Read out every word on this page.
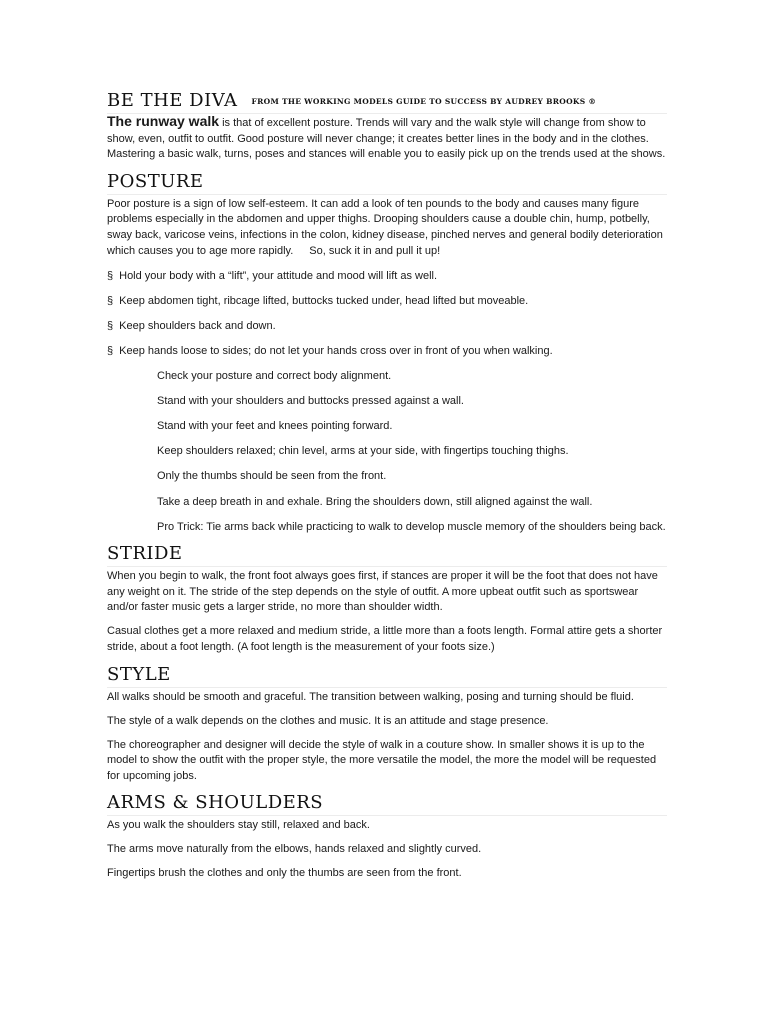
BE THE DIVA $^{FROM THE WORKING MODELS GUIDE TO SUCCESS BY AUDREY BROOKS ®}$

The runway walk is that of excellent posture. Trends will vary and the walk style will change from show to show, even, outfit to outfit. Good posture will never change; it creates better lines in the body and in the clothes. Mastering a basic walk, turns, poses and stances will enable you to easily pick up on the trends used at the shows.

POSTURE

Poor posture is a sign of low self-esteem. It can add a look of ten pounds to the body and causes many figure problems especially in the abdomen and upper thighs. Drooping shoulders cause a double chin, hump, potbelly, sway back, varicose veins, infections in the colon, kidney disease, pinched nerves and general bodily deterioration which causes you to age more rapidly. So, suck it in and pull it up!

§ Hold your body with a “lift”, your attitude and mood will lift as well.

§ Keep abdomen tight, ribcage lifted, buttocks tucked under, head lifted but moveable.

§ Keep shoulders back and down.

§ Keep hands loose to sides; do not let your hands cross over in front of you when walking.

Check your posture and correct body alignment.

Stand with your shoulders and buttocks pressed against a wall.

Stand with your feet and knees pointing forward.

Keep shoulders relaxed; chin level, arms at your side, with fingertips touching thighs.

Only the thumbs should be seen from the front.

Take a deep breath in and exhale. Bring the shoulders down, still aligned against the wall.

Pro Trick: Tie arms back while practicing to walk to develop muscle memory of the shoulders being back.

STRIDE

When you begin to walk, the front foot always goes first, if stances are proper it will be the foot that does not have any weight on it. The stride of the step depends on the style of outfit. A more upbeat outfit such as sportswear and/or faster music gets a larger stride, no more than shoulder width.

Casual clothes get a more relaxed and medium stride, a little more than a foots length. Formal attire gets a shorter stride, about a foot length. (A foot length is the measurement of your foots size.)

STYLE

All walks should be smooth and graceful. The transition between walking, posing and turning should be fluid.

The style of a walk depends on the clothes and music. It is an attitude and stage presence.

The choreographer and designer will decide the style of walk in a couture show. In smaller shows it is up to the model to show the outfit with the proper style, the more versatile the model, the more the model will be requested for upcoming jobs.

ARMS & SHOULDERS

As you walk the shoulders stay still, relaxed and back.

The arms move naturally from the elbows, hands relaxed and slightly curved.

Fingertips brush the clothes and only the thumbs are seen from the front.
